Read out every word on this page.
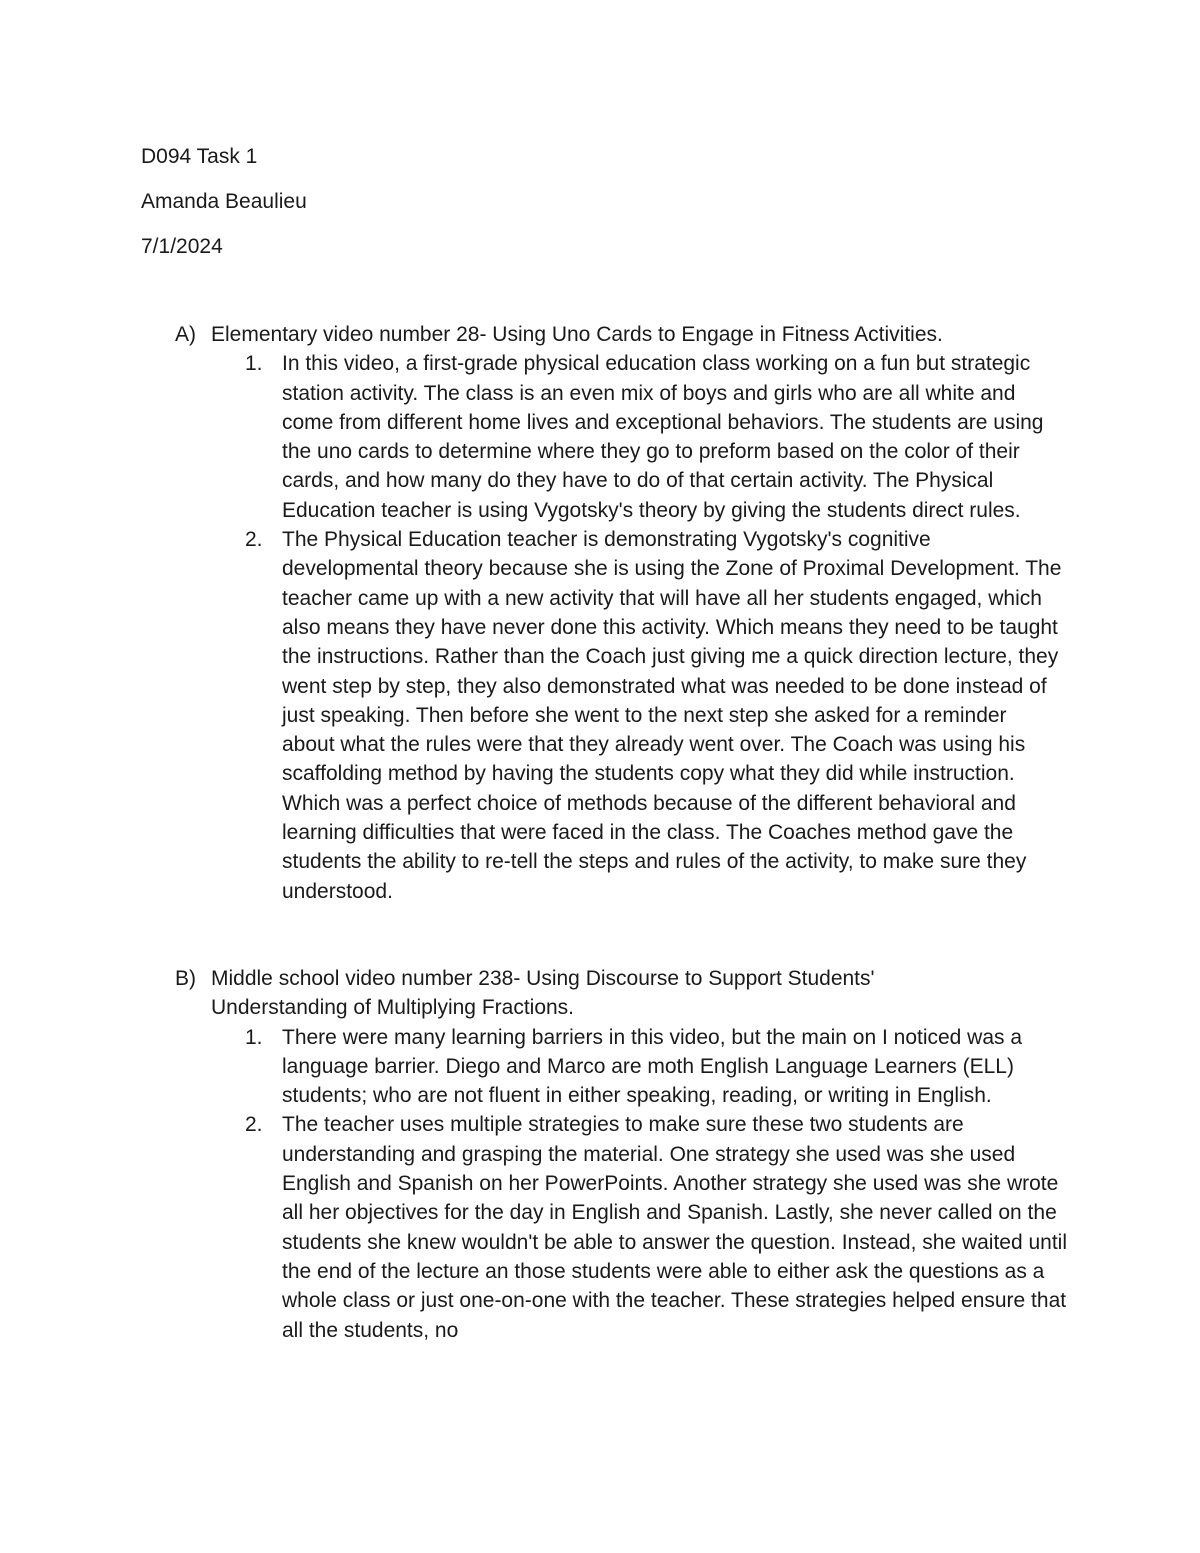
D094 Task 1
Amanda Beaulieu
7/1/2024
A) Elementary video number 28- Using Uno Cards to Engage in Fitness Activities.
1. In this video, a first-grade physical education class working on a fun but strategic station activity. The class is an even mix of boys and girls who are all white and come from different home lives and exceptional behaviors. The students are using the uno cards to determine where they go to preform based on the color of their cards, and how many do they have to do of that certain activity. The Physical Education teacher is using Vygotsky's theory by giving the students direct rules.
2. The Physical Education teacher is demonstrating Vygotsky's cognitive developmental theory because she is using the Zone of Proximal Development. The teacher came up with a new activity that will have all her students engaged, which also means they have never done this activity. Which means they need to be taught the instructions. Rather than the Coach just giving me a quick direction lecture, they went step by step, they also demonstrated what was needed to be done instead of just speaking. Then before she went to the next step she asked for a reminder about what the rules were that they already went over. The Coach was using his scaffolding method by having the students copy what they did while instruction. Which was a perfect choice of methods because of the different behavioral and learning difficulties that were faced in the class. The Coaches method gave the students the ability to re-tell the steps and rules of the activity, to make sure they understood.
B) Middle school video number 238- Using Discourse to Support Students' Understanding of Multiplying Fractions.
1. There were many learning barriers in this video, but the main on I noticed was a language barrier. Diego and Marco are moth English Language Learners (ELL) students; who are not fluent in either speaking, reading, or writing in English.
2. The teacher uses multiple strategies to make sure these two students are understanding and grasping the material. One strategy she used was she used English and Spanish on her PowerPoints. Another strategy she used was she wrote all her objectives for the day in English and Spanish. Lastly, she never called on the students she knew wouldn't be able to answer the question. Instead, she waited until the end of the lecture an those students were able to either ask the questions as a whole class or just one-on-one with the teacher. These strategies helped ensure that all the students, no
